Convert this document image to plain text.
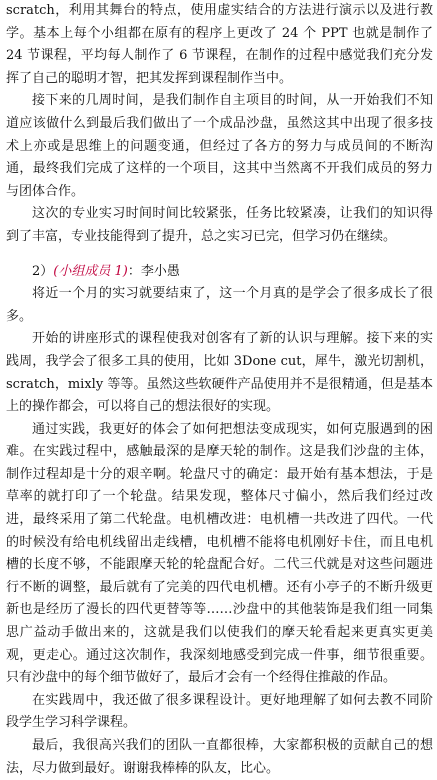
scratch，利用其舞台的特点，使用虚实结合的方法进行演示以及进行教学。基本上每个小组都在原有的程序上更改了 24 个 PPT 也就是制作了 24 节课程，平均每人制作了 6 节课程，在制作的过程中感觉我们充分发挥了自己的聪明才智，把其发挥到课程制作当中。

接下来的几周时间，是我们制作自主项目的时间，从一开始我们不知道应该做什么到最后我们做出了一个成品沙盘，虽然这其中出现了很多技术上亦或是思维上的问题变通，但经过了各方的努力与成员间的不断沟通，最终我们完成了这样的一个项目，这其中当然离不开我们成员的努力与团体合作。

这次的专业实习时间时间比较紧张，任务比较紧凑，让我们的知识得到了丰富，专业技能得到了提升，总之实习已完，但学习仍在继续。

2）(小组成员 1)：李小愚

将近一个月的实习就要结束了，这一个月真的是学会了很多成长了很多。

开始的讲座形式的课程使我对创客有了新的认识与理解。接下来的实践周，我学会了很多工具的使用，比如 3Done cut，犀牛，激光切割机，scratch，mixly 等等。虽然这些软硬件产品使用并不是很精通，但是基本上的操作都会，可以将自己的想法很好的实现。

通过实践，我更好的体会了如何把想法变成现实，如何克服遇到的困难。在实践过程中，感触最深的是摩天轮的制作。这是我们沙盘的主体，制作过程却是十分的艰辛啊。轮盘尺寸的确定：最开始有基本想法，于是草率的就打印了一个轮盘。结果发现，整体尺寸偏小，然后我们经过改进，最终采用了第二代轮盘。电机槽改进：电机槽一共改进了四代。一代的时候没有给电机线留出走线槽，电机槽不能将电机刚好卡住，而且电机槽的长度不够，不能跟摩天轮的轮盘配合好。二代三代就是对这些问题进行不断的调整，最后就有了完美的四代电机槽。还有小亭子的不断升级更新也是经历了漫长的四代更替等等……沙盘中的其他装饰是我们组一同集思广益动手做出来的，这就是我们以使我们的摩天轮看起来更真实更美观，更走心。通过这次制作，我深刻地感受到完成一件事，细节很重要。只有沙盘中的每个细节做好了，最后才会有一个经得住推敲的作品。

在实践周中，我还做了很多课程设计。更好地理解了如何去教不同阶段学生学习科学课程。

最后，我很高兴我们的团队一直都很棒，大家都积极的贡献自己的想法，尽力做到最好。谢谢我棒棒的队友，比心。
